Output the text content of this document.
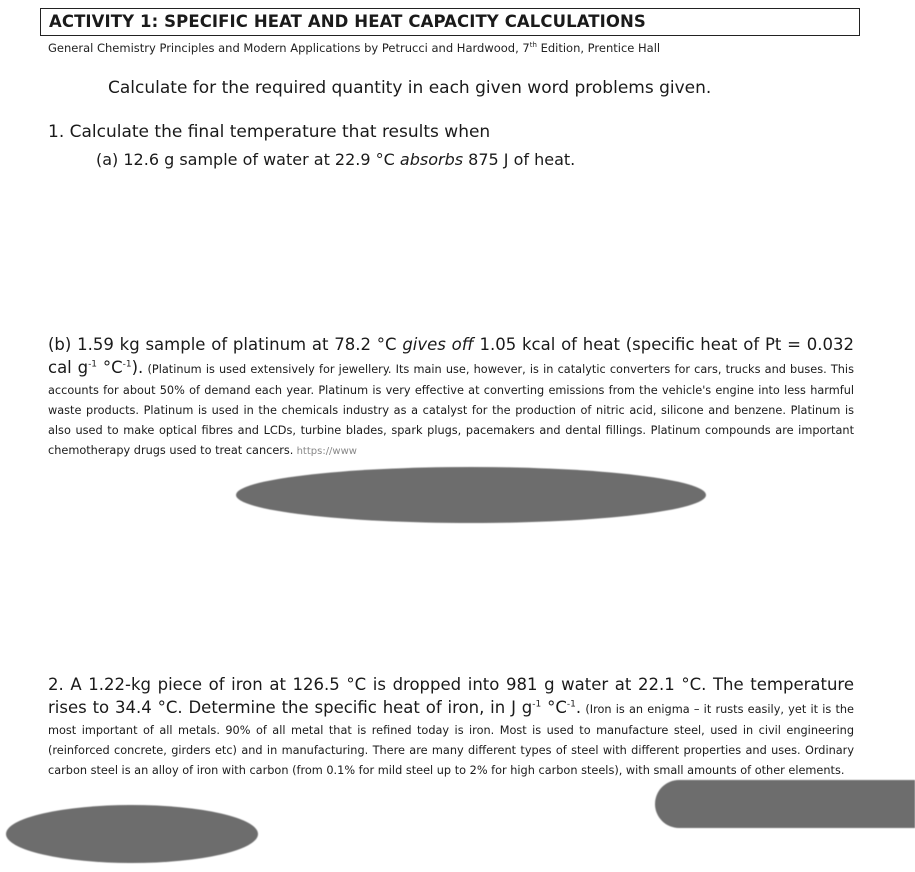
ACTIVITY 1: SPECIFIC HEAT AND HEAT CAPACITY CALCULATIONS
General Chemistry Principles and Modern Applications by Petrucci and Hardwood, 7th Edition, Prentice Hall
Calculate for the required quantity in each given word problems given.
1. Calculate the final temperature that results when
(a) 12.6 g sample of water at 22.9 °C absorbs 875 J of heat.
(b) 1.59 kg sample of platinum at 78.2 °C gives off 1.05 kcal of heat (specific heat of Pt = 0.032 cal $g^{-1}$ $^\circ C^{-1}$). (Platinum is used extensively for jewellery. Its main use, however, is in catalytic converters for cars, trucks and buses. This accounts for about 50% of demand each year. Platinum is very effective at converting emissions from the vehicle's engine into less harmful waste products. Platinum is used in the chemicals industry as a catalyst for the production of nitric acid, silicone and benzene. Platinum is also used to make optical fibres and LCDs, turbine blades, spark plugs, pacemakers and dental fillings. Platinum compounds are important chemotherapy drugs used to treat cancers. https://www
2. A 1.22-kg piece of iron at 126.5 °C is dropped into 981 g water at 22.1 °C. The temperature rises to 34.4 °C. Determine the specific heat of iron, in J $g^{-1}$ $^\circ C^{-1}$. (Iron is an enigma – it rusts easily, yet it is the most important of all metals. 90% of all metal that is refined today is iron. Most is used to manufacture steel, used in civil engineering (reinforced concrete, girders etc) and in manufacturing. There are many different types of steel with different properties and uses. Ordinary carbon steel is an alloy of iron with carbon (from 0.1% for mild steel up to 2% for high carbon steels), with small amounts of other elements.
